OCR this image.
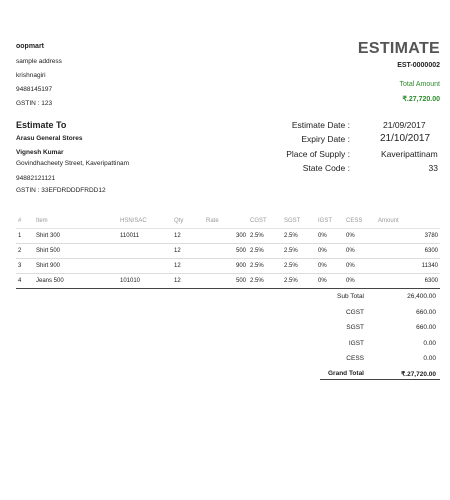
oopmart
sample address
krishnagiri
9488145197
GSTIN : 123
ESTIMATE
EST-0000002
Total Amount
₹.27,720.00
Estimate To
Arasu General Stores
Vignesh Kumar
Govindhacheety Street, Kaveripattinam
94882121121
GSTIN : 33EFDRDDDFRDD12
Estimate Date :	21/09/2017
Expiry Date :	21/10/2017
Place of Supply :	Kaveripattinam
State Code :	33
#	Item	HSN/SAC	Qty	Rate	CGST	SGST	IGST	CESS	Amount
1	Shirt 300	110011	12	300	2.5%	2.5%	0%	0%	3780
2	Shirt 500		12	500	2.5%	2.5%	0%	0%	6300
3	Shirt 900		12	900	2.5%	2.5%	0%	0%	11340
4	Jeans 500	101010	12	500	2.5%	2.5%	0%	0%	6300
Sub Total	26,400.00
CGST	660.00
SGST	660.00
IGST	0.00
CESS	0.00
Grand Total	₹.27,720.00
